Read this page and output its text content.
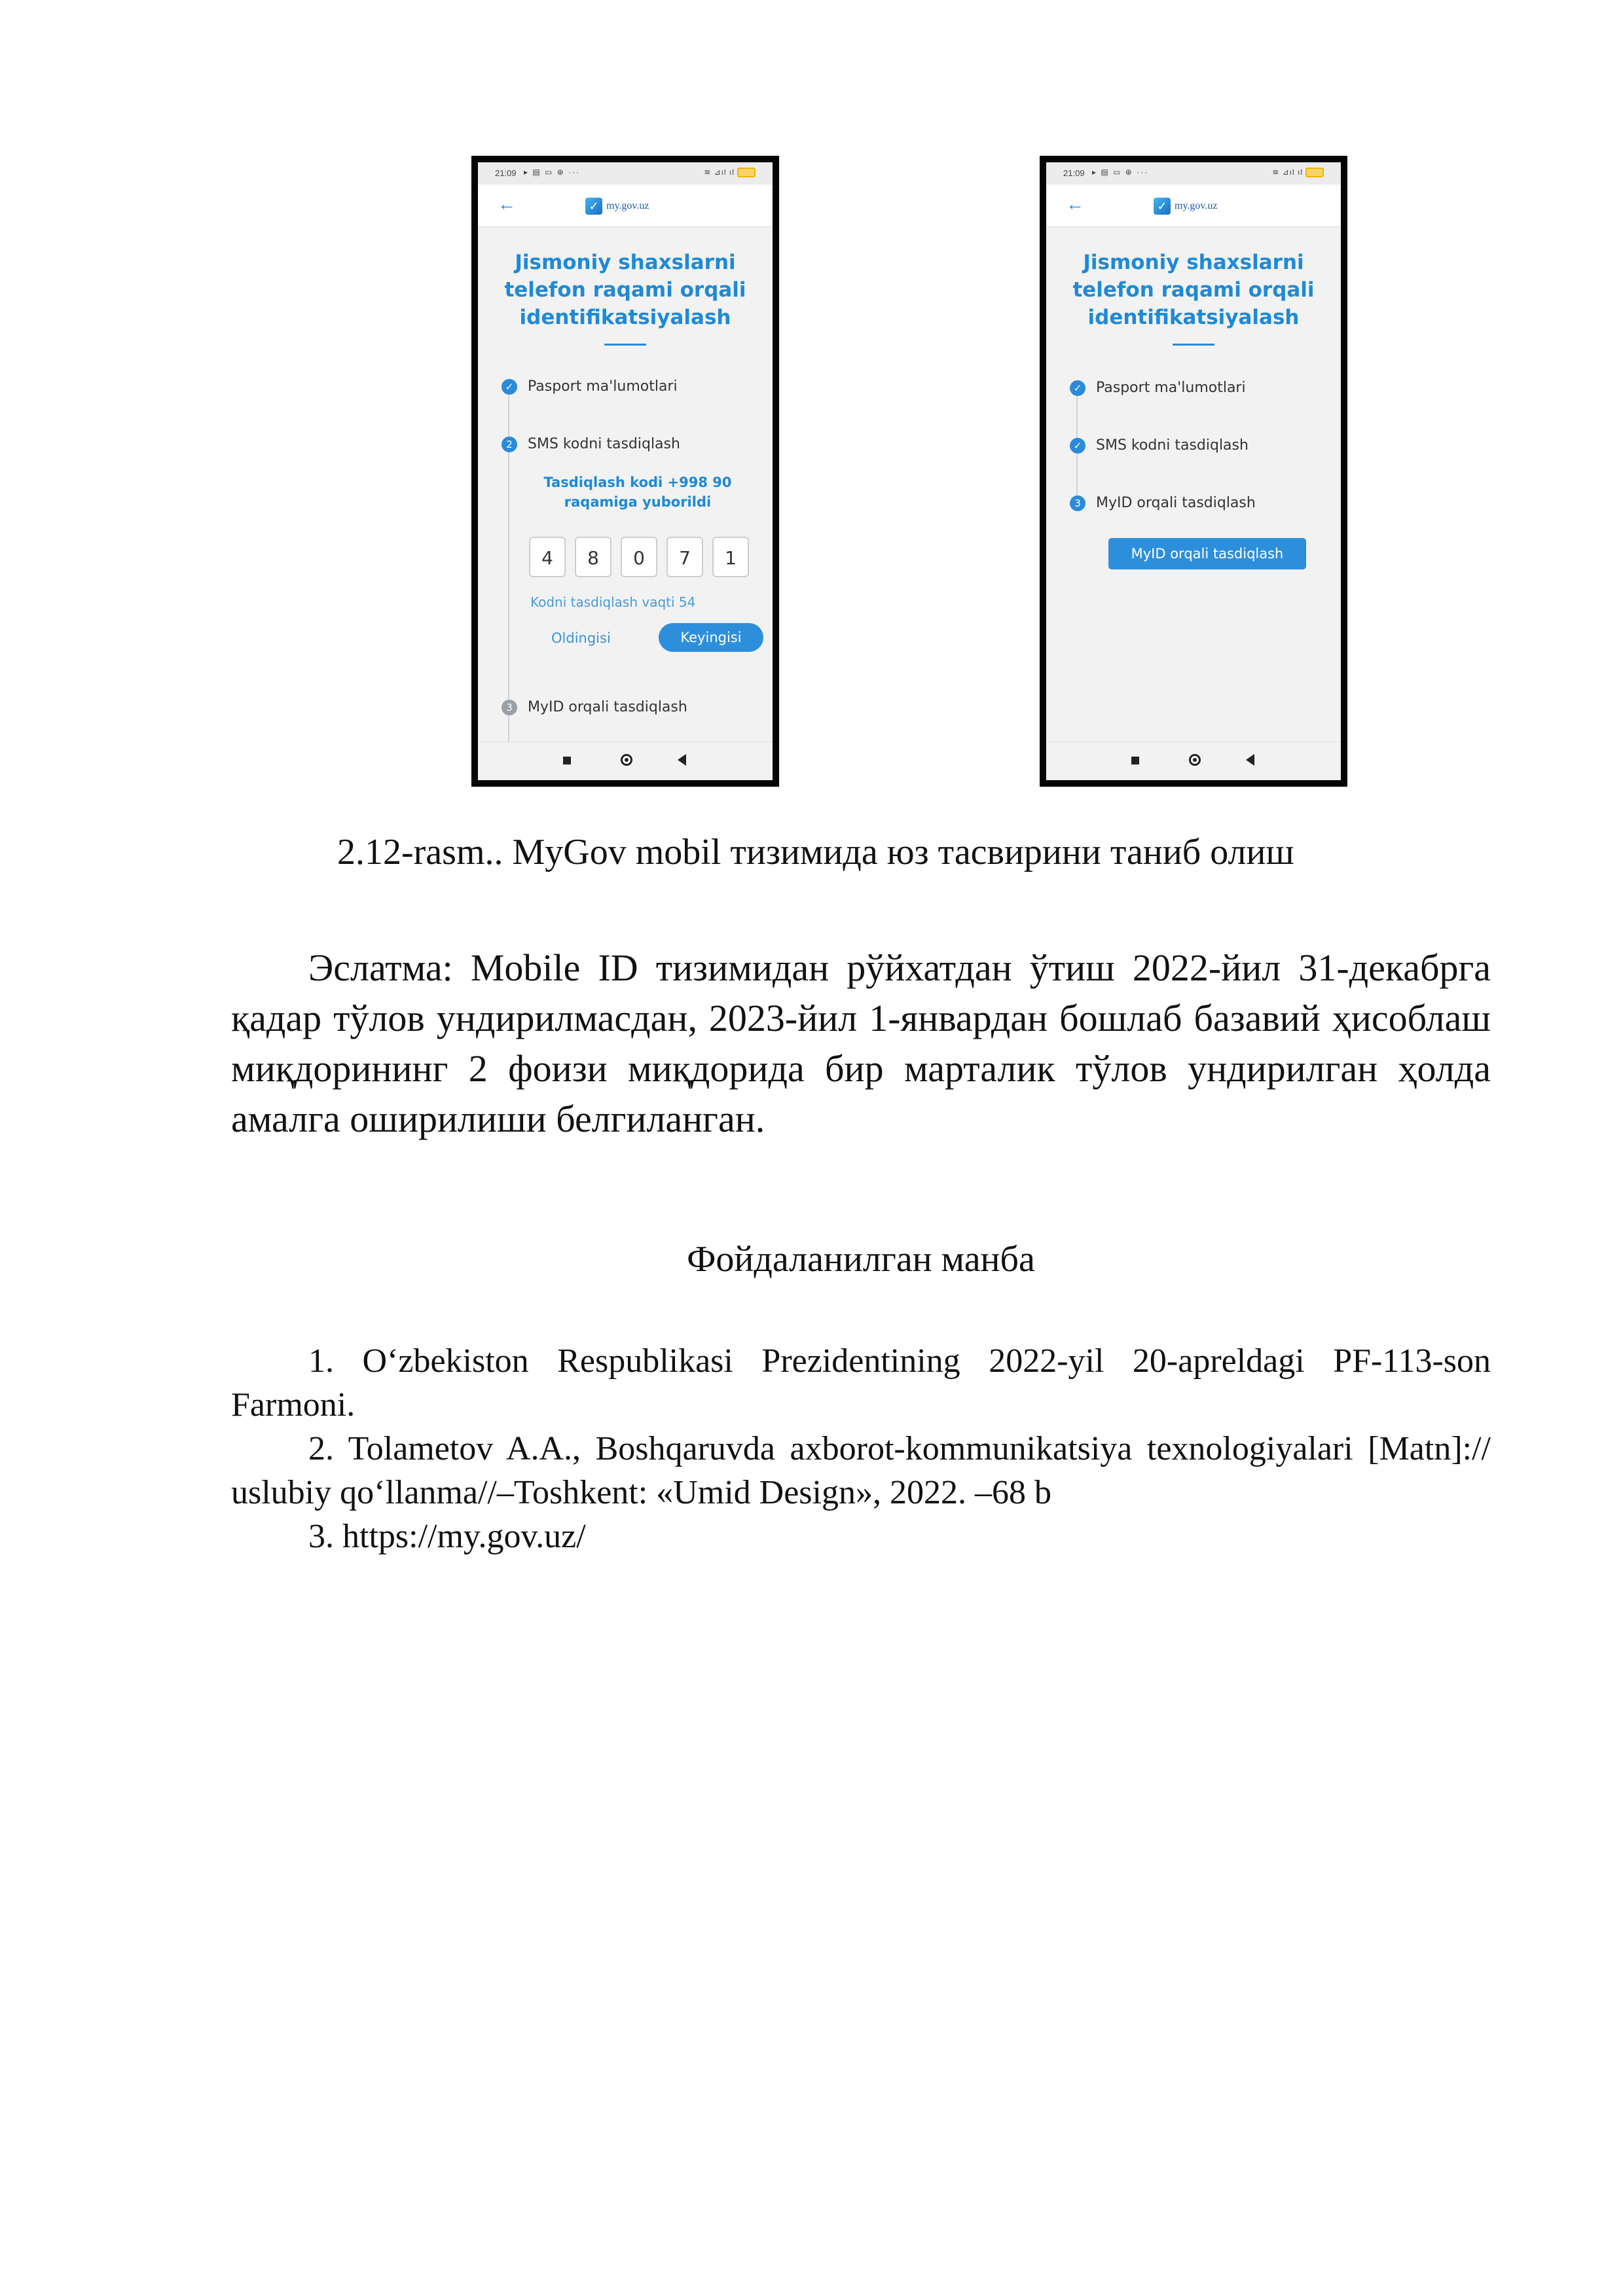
21:09 ▸ ▤ ▭ ⊕ ···	≋ ⊿ıl ıl
←	✓ my.gov.uz
Jismoniy shaxslarni telefon raqami orqali identifikatsiyalash
✓
Pasport ma'lumotlari
2	SMS kodni tasdiqlash
Tasdiqlash kodi +998 90 raqamiga yuborildi
4	8	0	7	1
Kodni tasdiqlash vaqti 54
Oldingisi	Keyingisi
3	MyID orqali tasdiqlash
21:09 ▸ ▤ ▭ ⊕ ···	≋ ⊿ıl ıl
←	✓ my.gov.uz
Jismoniy shaxslarni telefon raqami orqali identifikatsiyalash
✓
Pasport ma'lumotlari
✓
SMS kodni tasdiqlash
3	MyID orqali tasdiqlash
MyID orqali tasdiqlash
2.12-rasm.. MyGov mobil тизимида юз тасвирини таниб олиш

Эслатма: Mobile ID тизимидан рўйхатдан ўтиш 2022-йил 31-декабрга қадар тўлов ундирилмасдан, 2023-йил 1-январдан бошлаб базавий ҳисоблаш миқдорининг 2 фоизи миқдорида бир марталик тўлов ундирилган ҳолда амалга оширилиши белгиланган.

Фойдаланилган манба

1. O‘zbekiston Respublikasi Prezidentining 2022-yil 20-apreldagi PF-113-son Farmoni.

2. Tolametov A.A., Boshqaruvda axborot-kommunikatsiya texnologiyalari [Matn]:// uslubiy qo‘llanma//–Toshkent: «Umid Design», 2022. –68 b

3. https://my.gov.uz/
